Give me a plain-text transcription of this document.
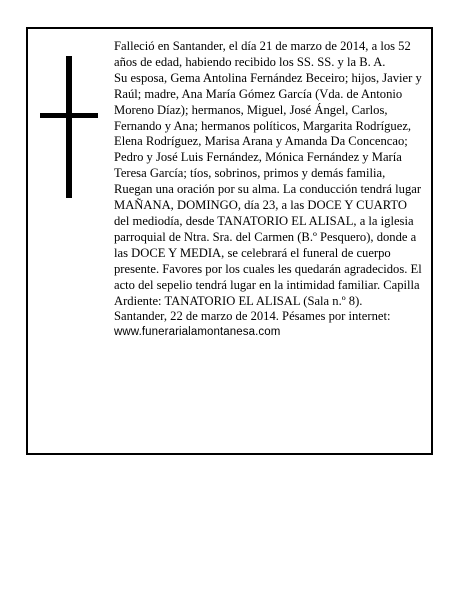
Falleció en Santander, el día 21 de marzo de 2014, a los 52 años de edad, habiendo recibido los SS. SS. y la B. A.

Su esposa, Gema Antolina Fernández Beceiro; hijos, Javier y Raúl; madre, Ana María Gómez García (Vda. de Antonio Moreno Díaz); hermanos, Miguel, José Ángel, Carlos, Fernando y Ana; hermanos políticos, Margarita Rodríguez, Elena Rodríguez, Marisa Arana y Amanda Da Concencao; Pedro y José Luis Fernández, Mónica Fernández y María Teresa García; tíos, sobrinos, primos y demás familia,

Ruegan una oración por su alma. La conducción tendrá lugar MAÑANA, DOMINGO, día 23, a las DOCE Y CUARTO del mediodía, desde TANATORIO EL ALISAL, a la iglesia parroquial de Ntra. Sra. del Carmen (B.º Pesquero), donde a las DOCE Y MEDIA, se celebrará el funeral de cuerpo presente. Favores por los cuales les quedarán agradecidos. El acto del sepelio tendrá lugar en la intimidad familiar. Capilla Ardiente: TANATORIO EL ALISAL (Sala n.º 8).

Santander, 22 de marzo de 2014. Pésames por internet:

www.funerarialamontanesa.com
